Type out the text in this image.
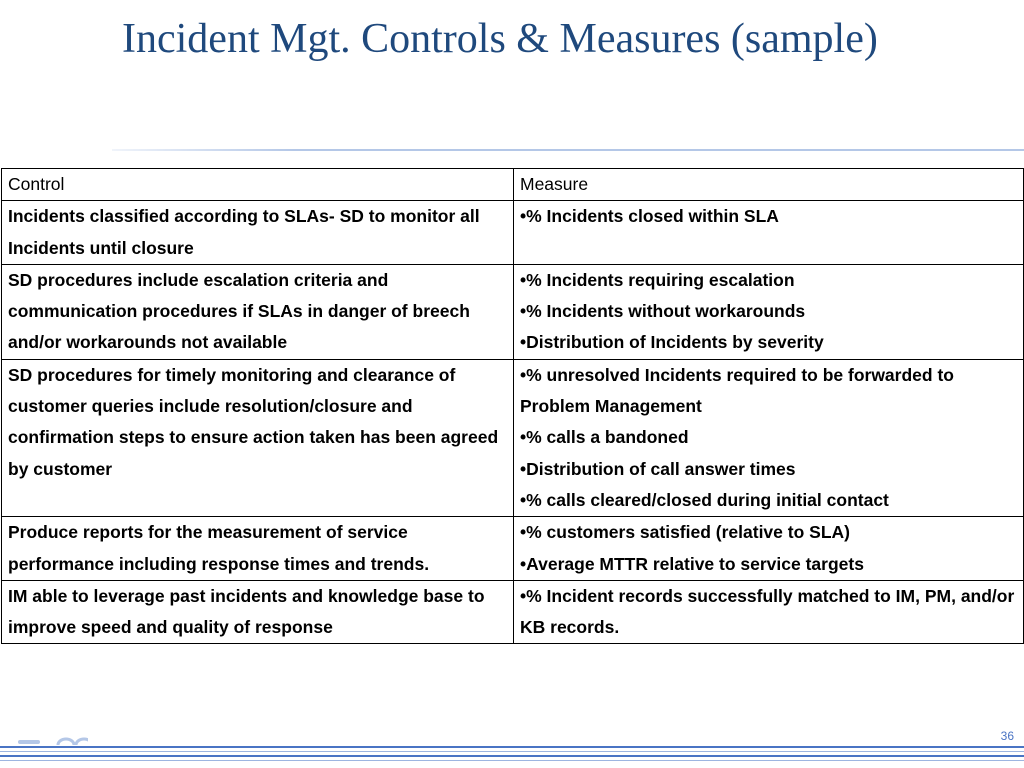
Incident Mgt. Controls & Measures (sample)
Control	Measure
Incidents classified according to SLAs- SD to monitor all Incidents until closure	•% Incidents closed within SLA

SD procedures include escalation criteria and communication procedures if SLAs in danger of breech and/or workarounds not available	•% Incidents requiring escalation
•% Incidents without workarounds
•Distribution of Incidents by severity

SD procedures for timely monitoring and clearance of customer queries include resolution/closure and confirmation steps to ensure action taken has been agreed by customer	•% unresolved Incidents required to be forwarded to Problem Management
•% calls a bandoned
•Distribution of call answer times
•% calls cleared/closed during initial contact

Produce reports for the measurement of service performance including response times and trends.	•% customers satisfied (relative to SLA)
•Average MTTR relative to service targets

IM able to leverage past incidents and knowledge base to improve speed and quality of response	•% Incident records successfully matched to IM, PM, and/or KB records.
36
